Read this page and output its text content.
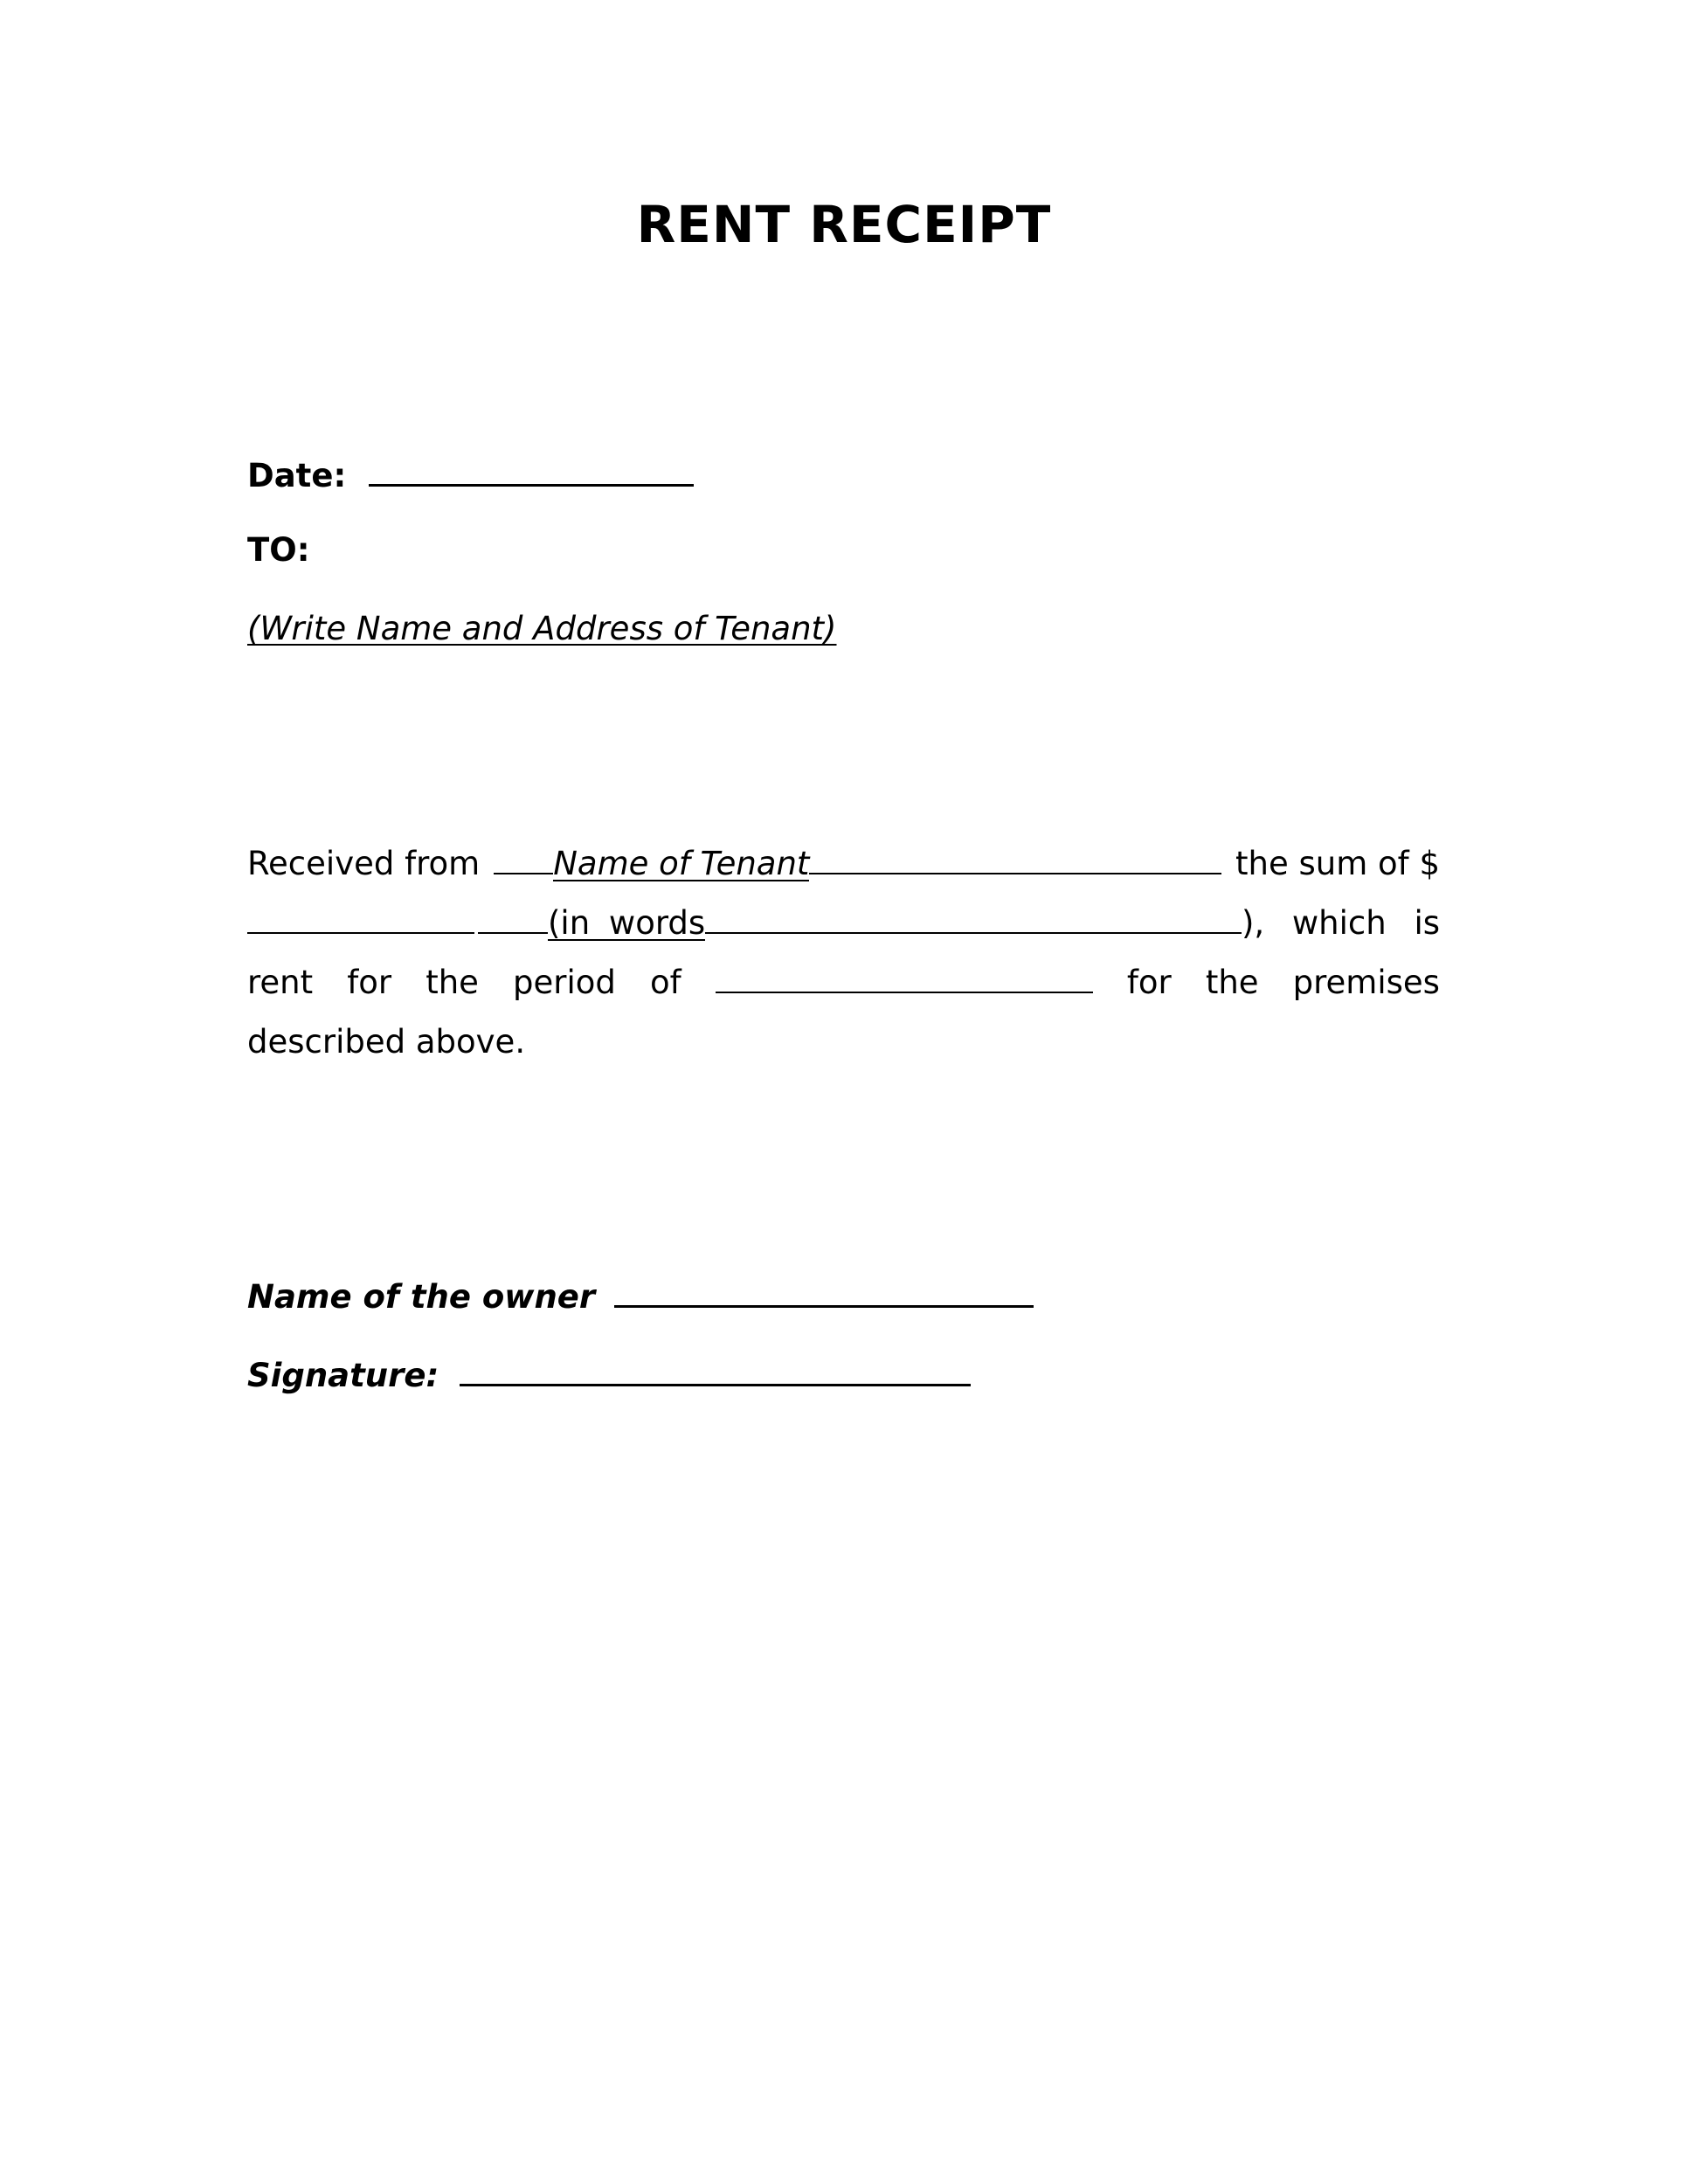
RENT RECEIPT
Date:
TO:
(Write Name and Address of Tenant)
Received from Name of Tenant	the sum of $
(in words	), which is
rent for the period of	for the premises
described above.
Name of the owner
Signature:
